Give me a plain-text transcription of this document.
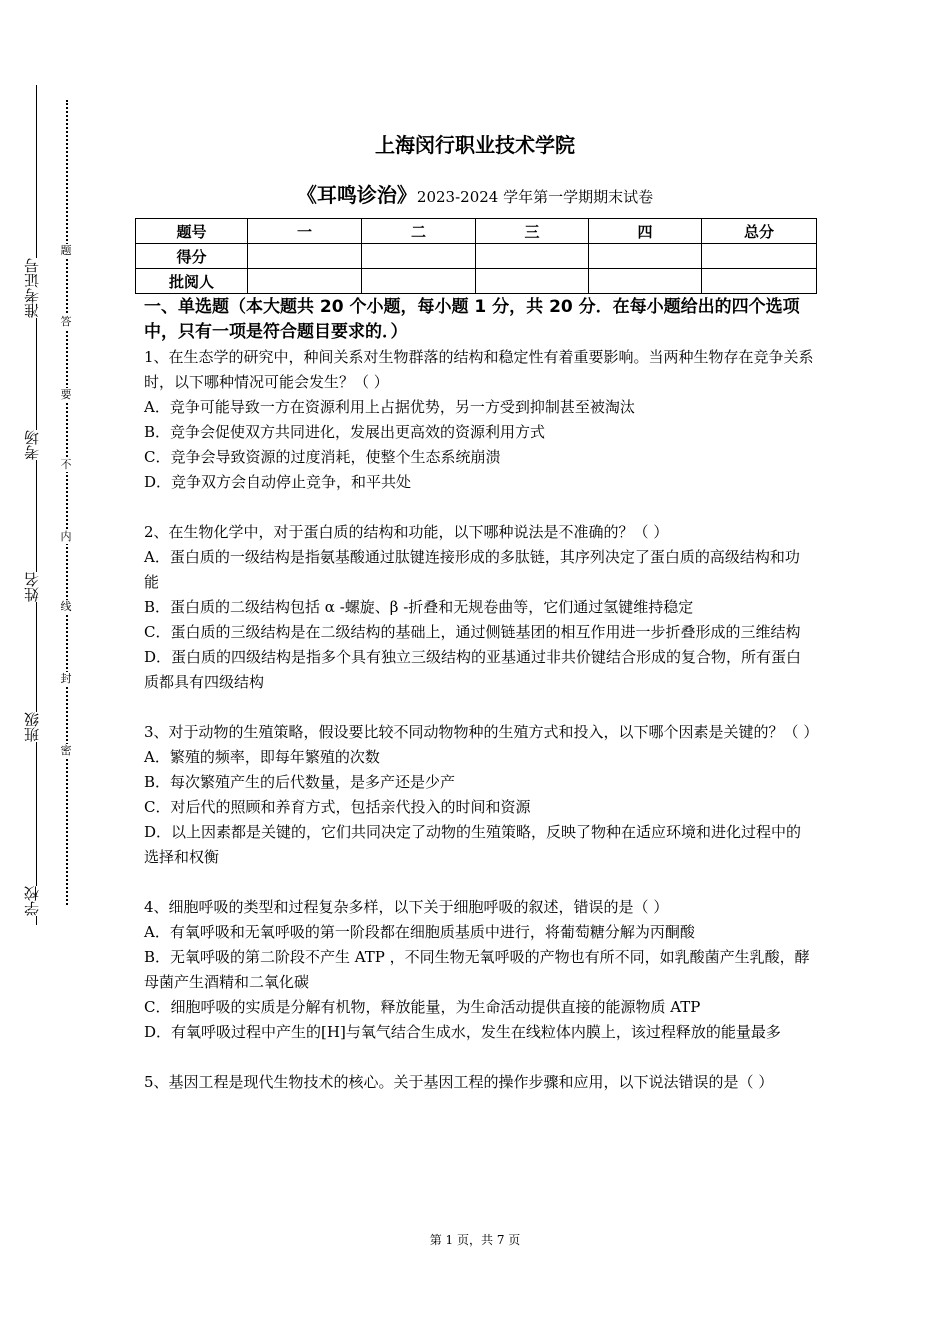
学校
班级
姓名
考场
准考证号
题
答
要
不
内
线
封
密
上海闵行职业技术学院
《耳鸣诊治》2023-2024 学年第一学期期末试卷
题号	一	二	三	四	总分
得分					
批阅人					
一、单选题（本大题共 20 个小题，每小题 1 分，共 20 分．在每小题给出的四个选项中，只有一项是符合题目要求的．）

1、在生态学的研究中，种间关系对生物群落的结构和稳定性有着重要影响。当两种生物存在竞争关系时，以下哪种情况可能会发生？（ ）

A．竞争可能导致一方在资源利用上占据优势，另一方受到抑制甚至被淘汰

B．竞争会促使双方共同进化，发展出更高效的资源利用方式

C．竞争会导致资源的过度消耗，使整个生态系统崩溃

D．竞争双方会自动停止竞争，和平共处

2、在生物化学中，对于蛋白质的结构和功能，以下哪种说法是不准确的？（ ）

A．蛋白质的一级结构是指氨基酸通过肽键连接形成的多肽链，其序列决定了蛋白质的高级结构和功能

B．蛋白质的二级结构包括 α -螺旋、β -折叠和无规卷曲等，它们通过氢键维持稳定

C．蛋白质的三级结构是在二级结构的基础上，通过侧链基团的相互作用进一步折叠形成的三维结构

D．蛋白质的四级结构是指多个具有独立三级结构的亚基通过非共价键结合形成的复合物，所有蛋白质都具有四级结构

3、对于动物的生殖策略，假设要比较不同动物物种的生殖方式和投入，以下哪个因素是关键的？（ ）

A．繁殖的频率，即每年繁殖的次数

B．每次繁殖产生的后代数量，是多产还是少产

C．对后代的照顾和养育方式，包括亲代投入的时间和资源

D．以上因素都是关键的，它们共同决定了动物的生殖策略，反映了物种在适应环境和进化过程中的选择和权衡

4、细胞呼吸的类型和过程复杂多样，以下关于细胞呼吸的叙述，错误的是（ ）

A．有氧呼吸和无氧呼吸的第一阶段都在细胞质基质中进行，将葡萄糖分解为丙酮酸

B．无氧呼吸的第二阶段不产生 ATP ，不同生物无氧呼吸的产物也有所不同，如乳酸菌产生乳酸，酵母菌产生酒精和二氧化碳

C．细胞呼吸的实质是分解有机物，释放能量，为生命活动提供直接的能源物质 ATP

D．有氧呼吸过程中产生的[H]与氧气结合生成水，发生在线粒体内膜上，该过程释放的能量最多

5、基因工程是现代生物技术的核心。关于基因工程的操作步骤和应用，以下说法错误的是（ ）

第 1 页，共 7 页
